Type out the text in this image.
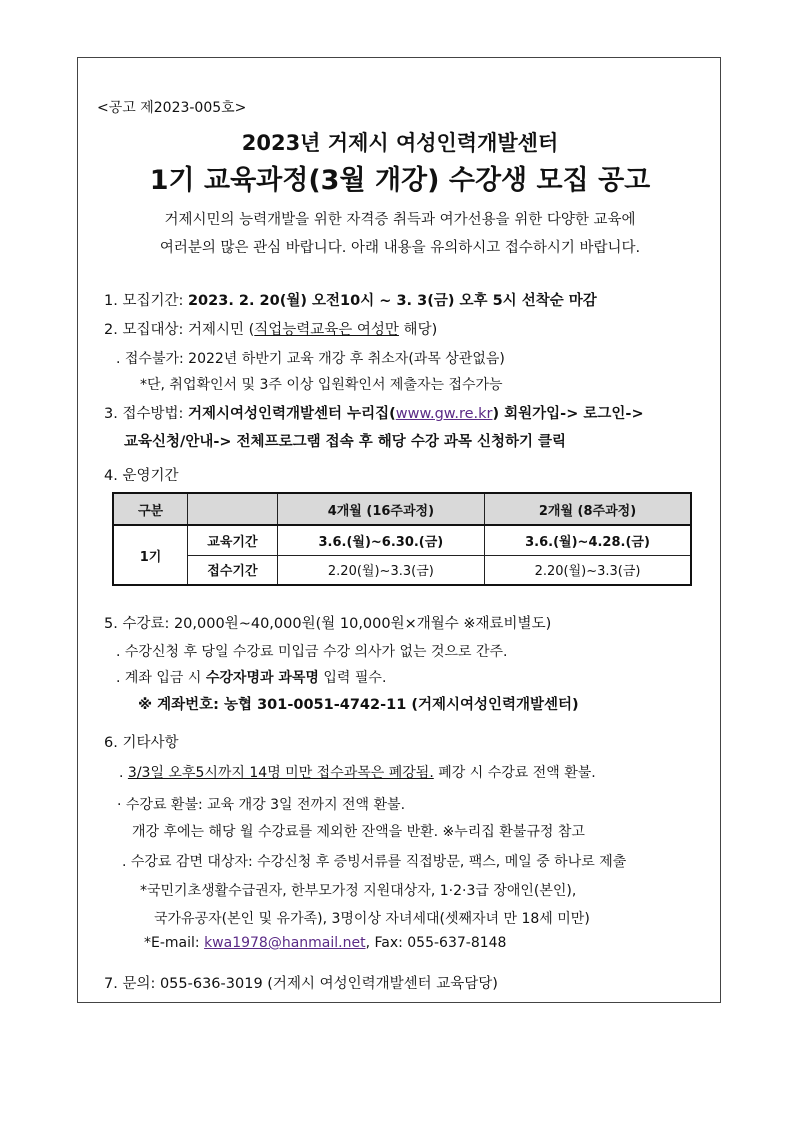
<공고 제2023-005호>
2023년 거제시 여성인력개발센터
1기 교육과정(3월 개강) 수강생 모집 공고
거제시민의 능력개발을 위한 자격증 취득과 여가선용을 위한 다양한 교육에
여러분의 많은 관심 바랍니다. 아래 내용을 유의하시고 접수하시기 바랍니다.
1. 모집기간: 2023. 2. 20(월) 오전10시 ~ 3. 3(금) 오후 5시 선착순 마감
2. 모집대상: 거제시민 (직업능력교육은 여성만 해당)
. 접수불가: 2022년 하반기 교육 개강 후 취소자(과목 상관없음)
*단, 취업확인서 및 3주 이상 입원확인서 제출자는 접수가능
3. 접수방법: 거제시여성인력개발센터 누리집(www.gw.re.kr) 회원가입-> 로그인->
교육신청/안내-> 전체프로그램 접속 후 해당 수강 과목 신청하기 클릭
4. 운영기간
구분		4개월 (16주과정)	2개월 (8주과정)
1기	교육기간	3.6.(월)~6.30.(금)	3.6.(월)~4.28.(금)
	접수기간	2.20(월)~3.3(금)	2.20(월)~3.3(금)
5. 수강료: 20,000원~40,000원(월 10,000원×개월수 ※재료비별도)
. 수강신청 후 당일 수강료 미입금 수강 의사가 없는 것으로 간주.
. 계좌 입금 시 수강자명과 과목명 입력 필수.
※ 계좌번호: 농협 301-0051-4742-11 (거제시여성인력개발센터)
6. 기타사항
. 3/3일 오후5시까지 14명 미만 접수과목은 폐강됨. 폐강 시 수강료 전액 환불.
· 수강료 환불: 교육 개강 3일 전까지 전액 환불.
개강 후에는 해당 월 수강료를 제외한 잔액을 반환. ※누리집 환불규정 참고
. 수강료 감면 대상자: 수강신청 후 증빙서류를 직접방문, 팩스, 메일 중 하나로 제출
*국민기초생활수급권자, 한부모가정 지원대상자, 1·2·3급 장애인(본인),
국가유공자(본인 및 유가족), 3명이상 자녀세대(셋째자녀 만 18세 미만)
*E-mail: kwa1978@hanmail.net, Fax: 055-637-8148
7. 문의: 055-636-3019 (거제시 여성인력개발센터 교육담당)
